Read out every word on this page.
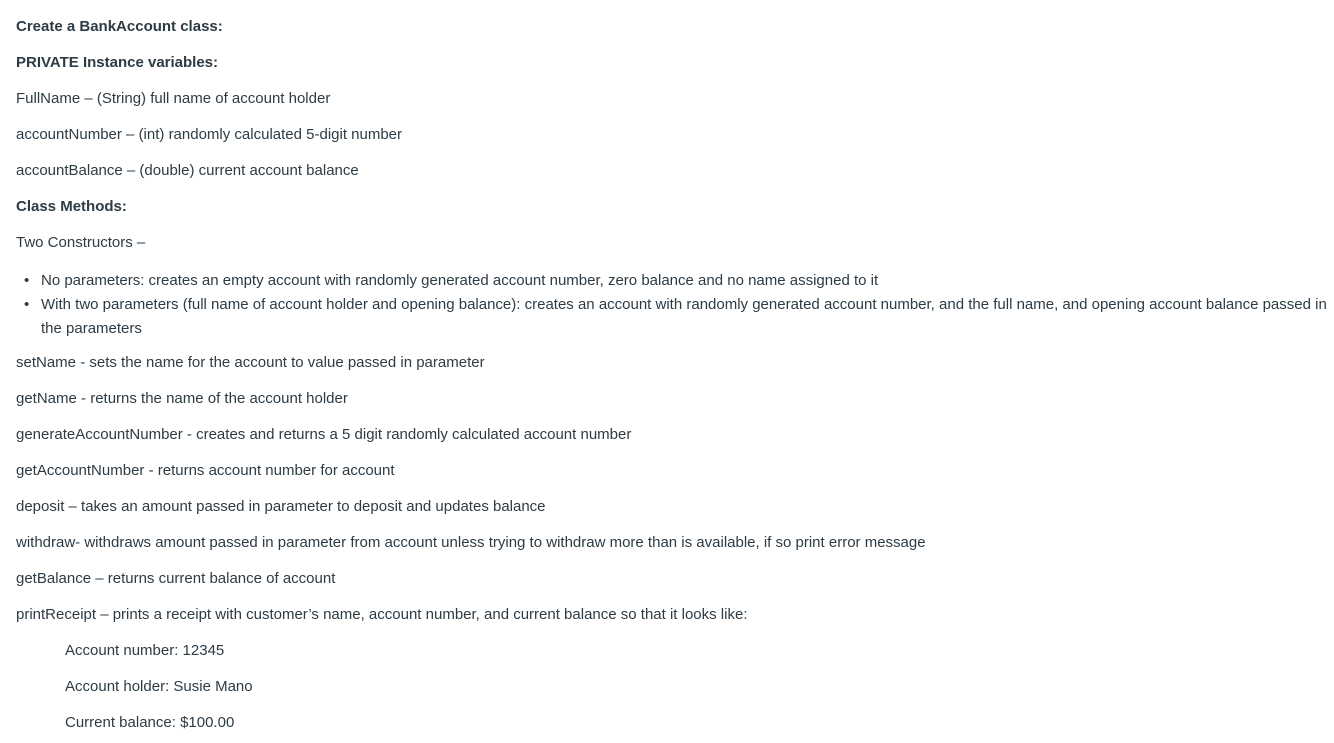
Create a BankAccount class:

PRIVATE Instance variables:

FullName – (String) full name of account holder

accountNumber – (int) randomly calculated 5-digit number

accountBalance – (double) current account balance

Class Methods:

Two Constructors –

• No parameters: creates an empty account with randomly generated account number, zero balance and no name assigned to it
• With two parameters (full name of account holder and opening balance): creates an account with randomly generated account number, and the full name, and opening account balance passed in the parameters

setName - sets the name for the account to value passed in parameter

getName - returns the name of the account holder

generateAccountNumber - creates and returns a 5 digit randomly calculated account number

getAccountNumber - returns account number for account

deposit – takes an amount passed in parameter to deposit and updates balance

withdraw- withdraws amount passed in parameter from account unless trying to withdraw more than is available, if so print error message

getBalance – returns current balance of account

printReceipt – prints a receipt with customer’s name, account number, and current balance so that it looks like:

Account number: 12345

Account holder: Susie Mano

Current balance: $100.00
